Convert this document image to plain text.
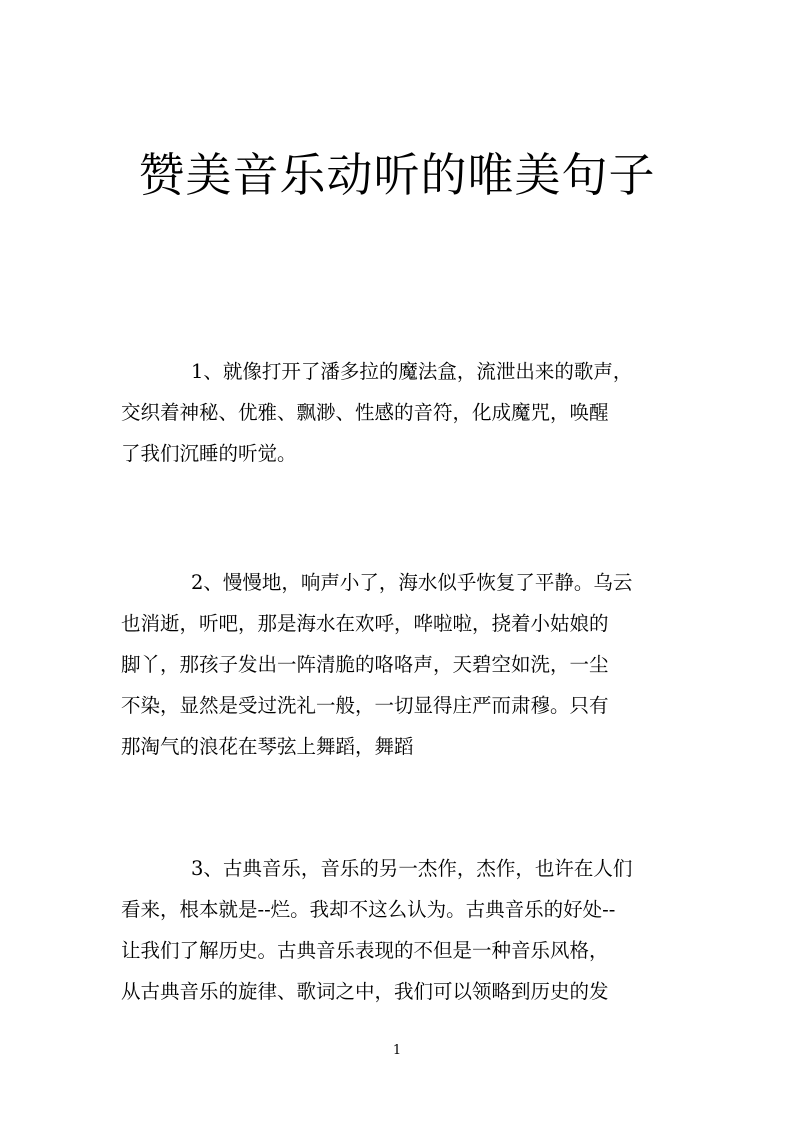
赞美音乐动听的唯美句子
1、就像打开了潘多拉的魔法盒，流泄出来的歌声，
交织着神秘、优雅、飘渺、性感的音符，化成魔咒，唤醒
了我们沉睡的听觉。
2、慢慢地，响声小了，海水似乎恢复了平静。乌云
也消逝，听吧，那是海水在欢呼，哗啦啦，挠着小姑娘的
脚丫，那孩子发出一阵清脆的咯咯声，天碧空如洗，一尘
不染，显然是受过洗礼一般，一切显得庄严而肃穆。只有
那淘气的浪花在琴弦上舞蹈，舞蹈
3、古典音乐，音乐的另一杰作，杰作，也许在人们
看来，根本就是--烂。我却不这么认为。古典音乐的好处--
让我们了解历史。古典音乐表现的不但是一种音乐风格，
从古典音乐的旋律、歌词之中，我们可以领略到历史的发
1
